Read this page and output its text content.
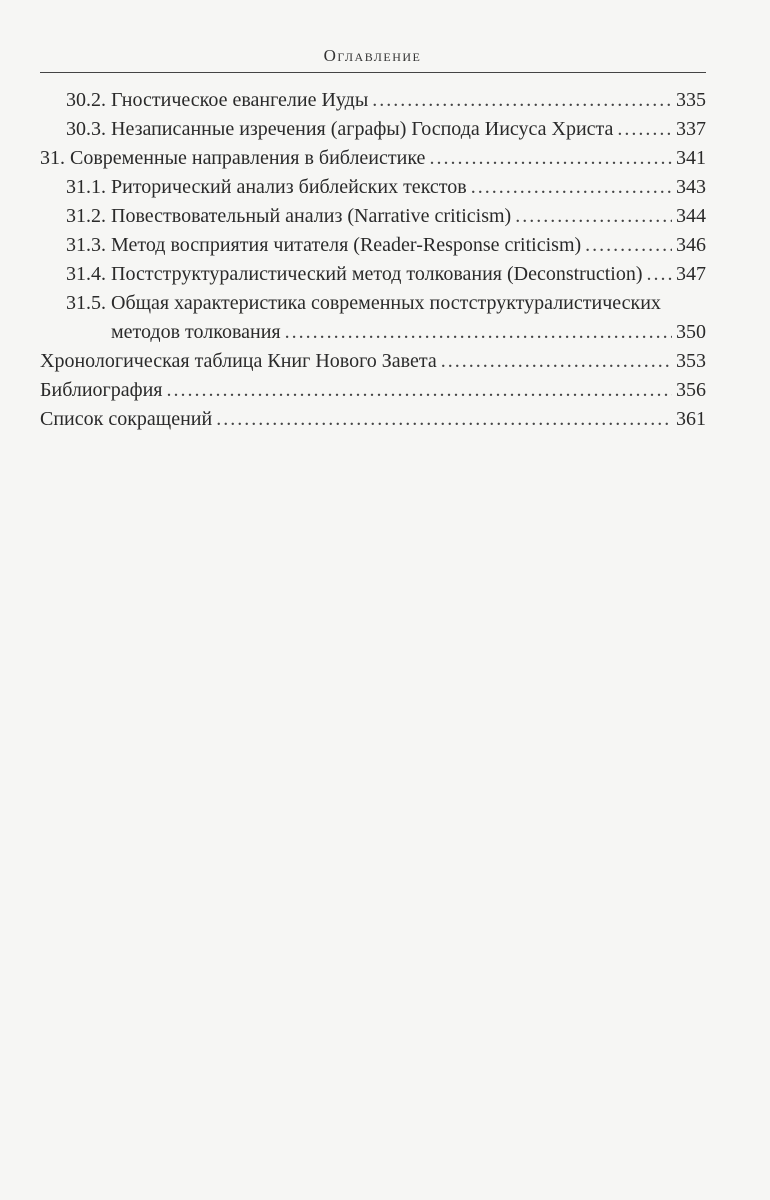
Оглавление
30.2. Гностическое евангелие Иуды . . .	335
30.3. Незаписанные изречения (аграфы) Господа Иисуса Христа . . .	337
31. Современные направления в библеистике . . .	341
31.1. Риторический анализ библейских текстов . . .	343
31.2. Повествовательный анализ (Narrative criticism) . . .	344
31.3. Метод восприятия читателя (Reader-Response criticism) . . .	346
31.4. Постструктуралистический метод толкования (Deconstruction) . . . 347
31.5. Общая характеристика современных постструктуралистических
методов толкования . . .	350
Хронологическая таблица Книг Нового Завета . . .	353
Библиография . . .	356
Список сокращений . . .	361
